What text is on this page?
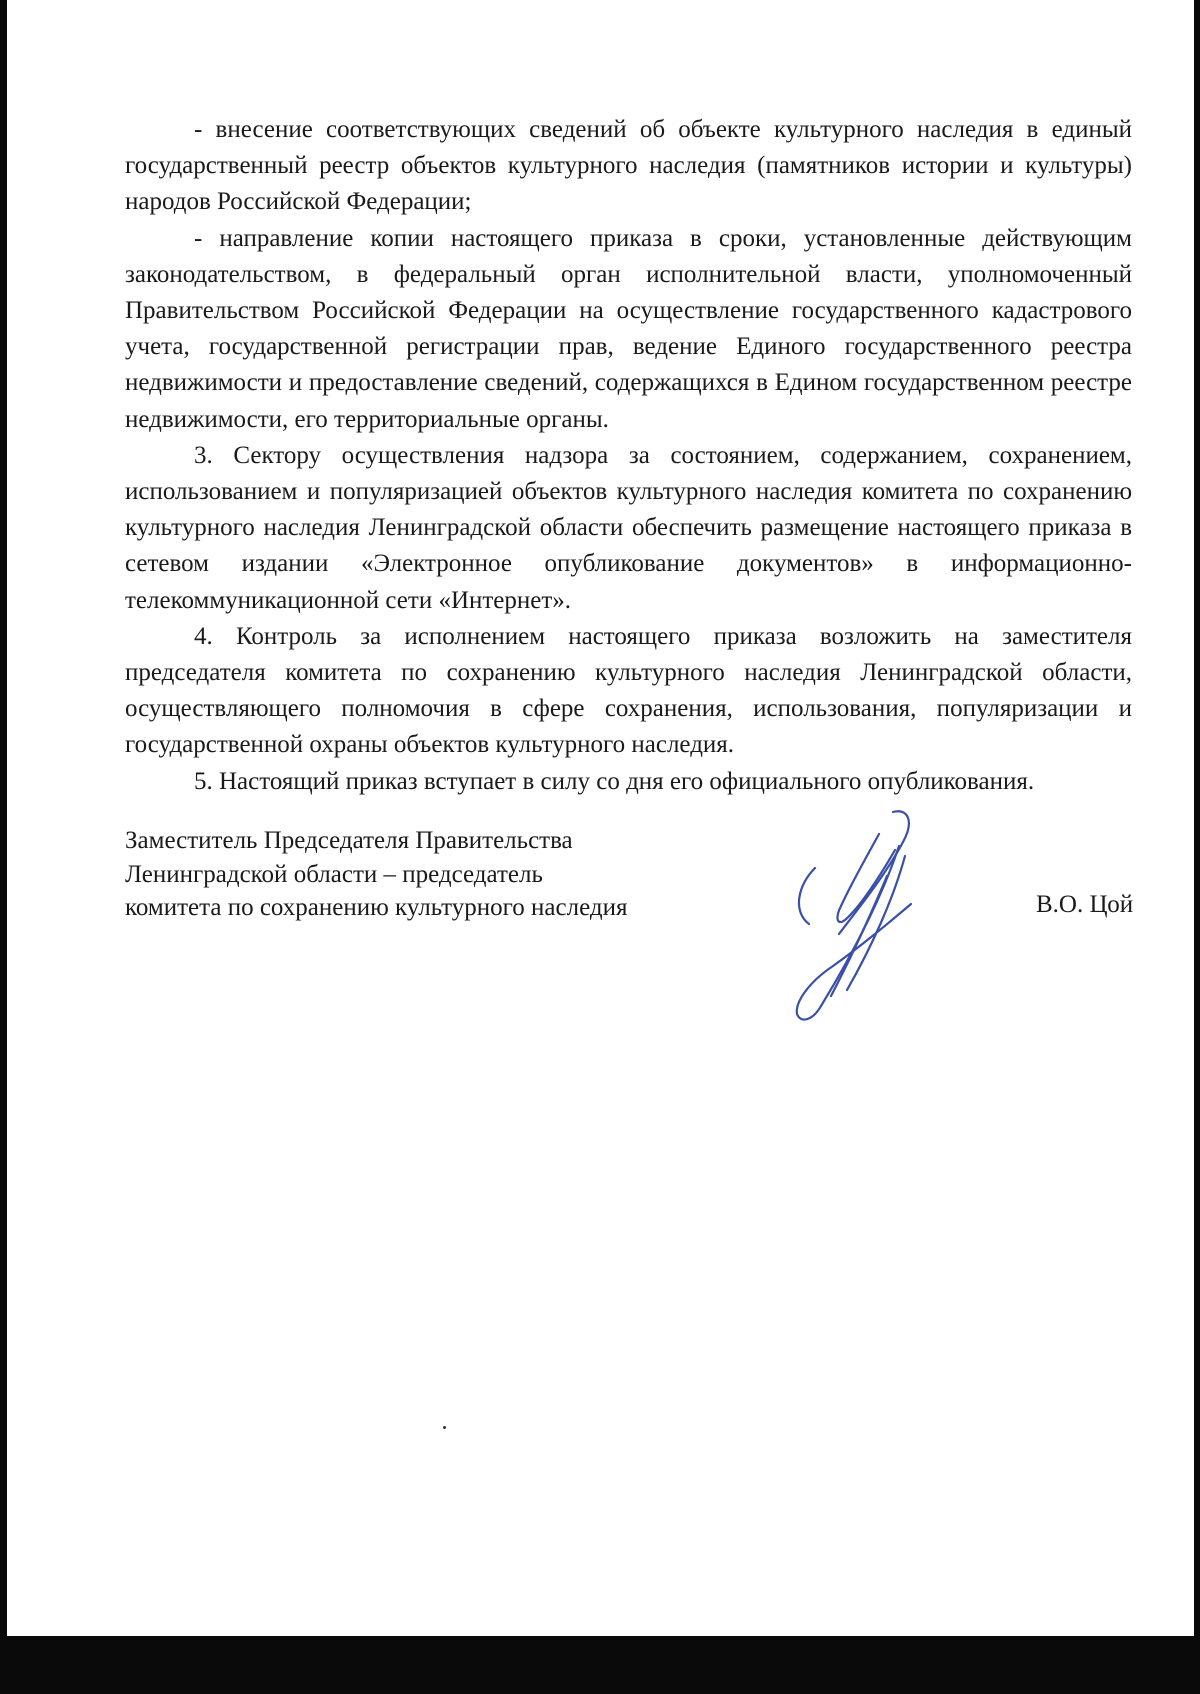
- внесение соответствующих сведений об объекте культурного наследия в единый государственный реестр объектов культурного наследия (памятников истории и культуры) народов Российской Федерации;

- направление копии настоящего приказа в сроки, установленные действующим законодательством, в федеральный орган исполнительной власти, уполномоченный Правительством Российской Федерации на осуществление государственного кадастрового учета, государственной регистрации прав, ведение Единого государственного реестра недвижимости и предоставление сведений, содержащихся в Едином государственном реестре недвижимости, его территориальные органы.

3. Сектору осуществления надзора за состоянием, содержанием, сохранением, использованием и популяризацией объектов культурного наследия комитета по сохранению культурного наследия Ленинградской области обеспечить размещение настоящего приказа в сетевом издании «Электронное опубликование документов» в информационно-телекоммуникационной сети «Интернет».

4. Контроль за исполнением настоящего приказа возложить на заместителя председателя комитета по сохранению культурного наследия Ленинградской области, осуществляющего полномочия в сфере сохранения, использования, популяризации и государственной охраны объектов культурного наследия.

5. Настоящий приказ вступает в силу со дня его официального опубликования.

Заместитель Председателя Правительства
Ленинградской области – председатель
комитета по сохранению культурного наследия	В.О. Цой
